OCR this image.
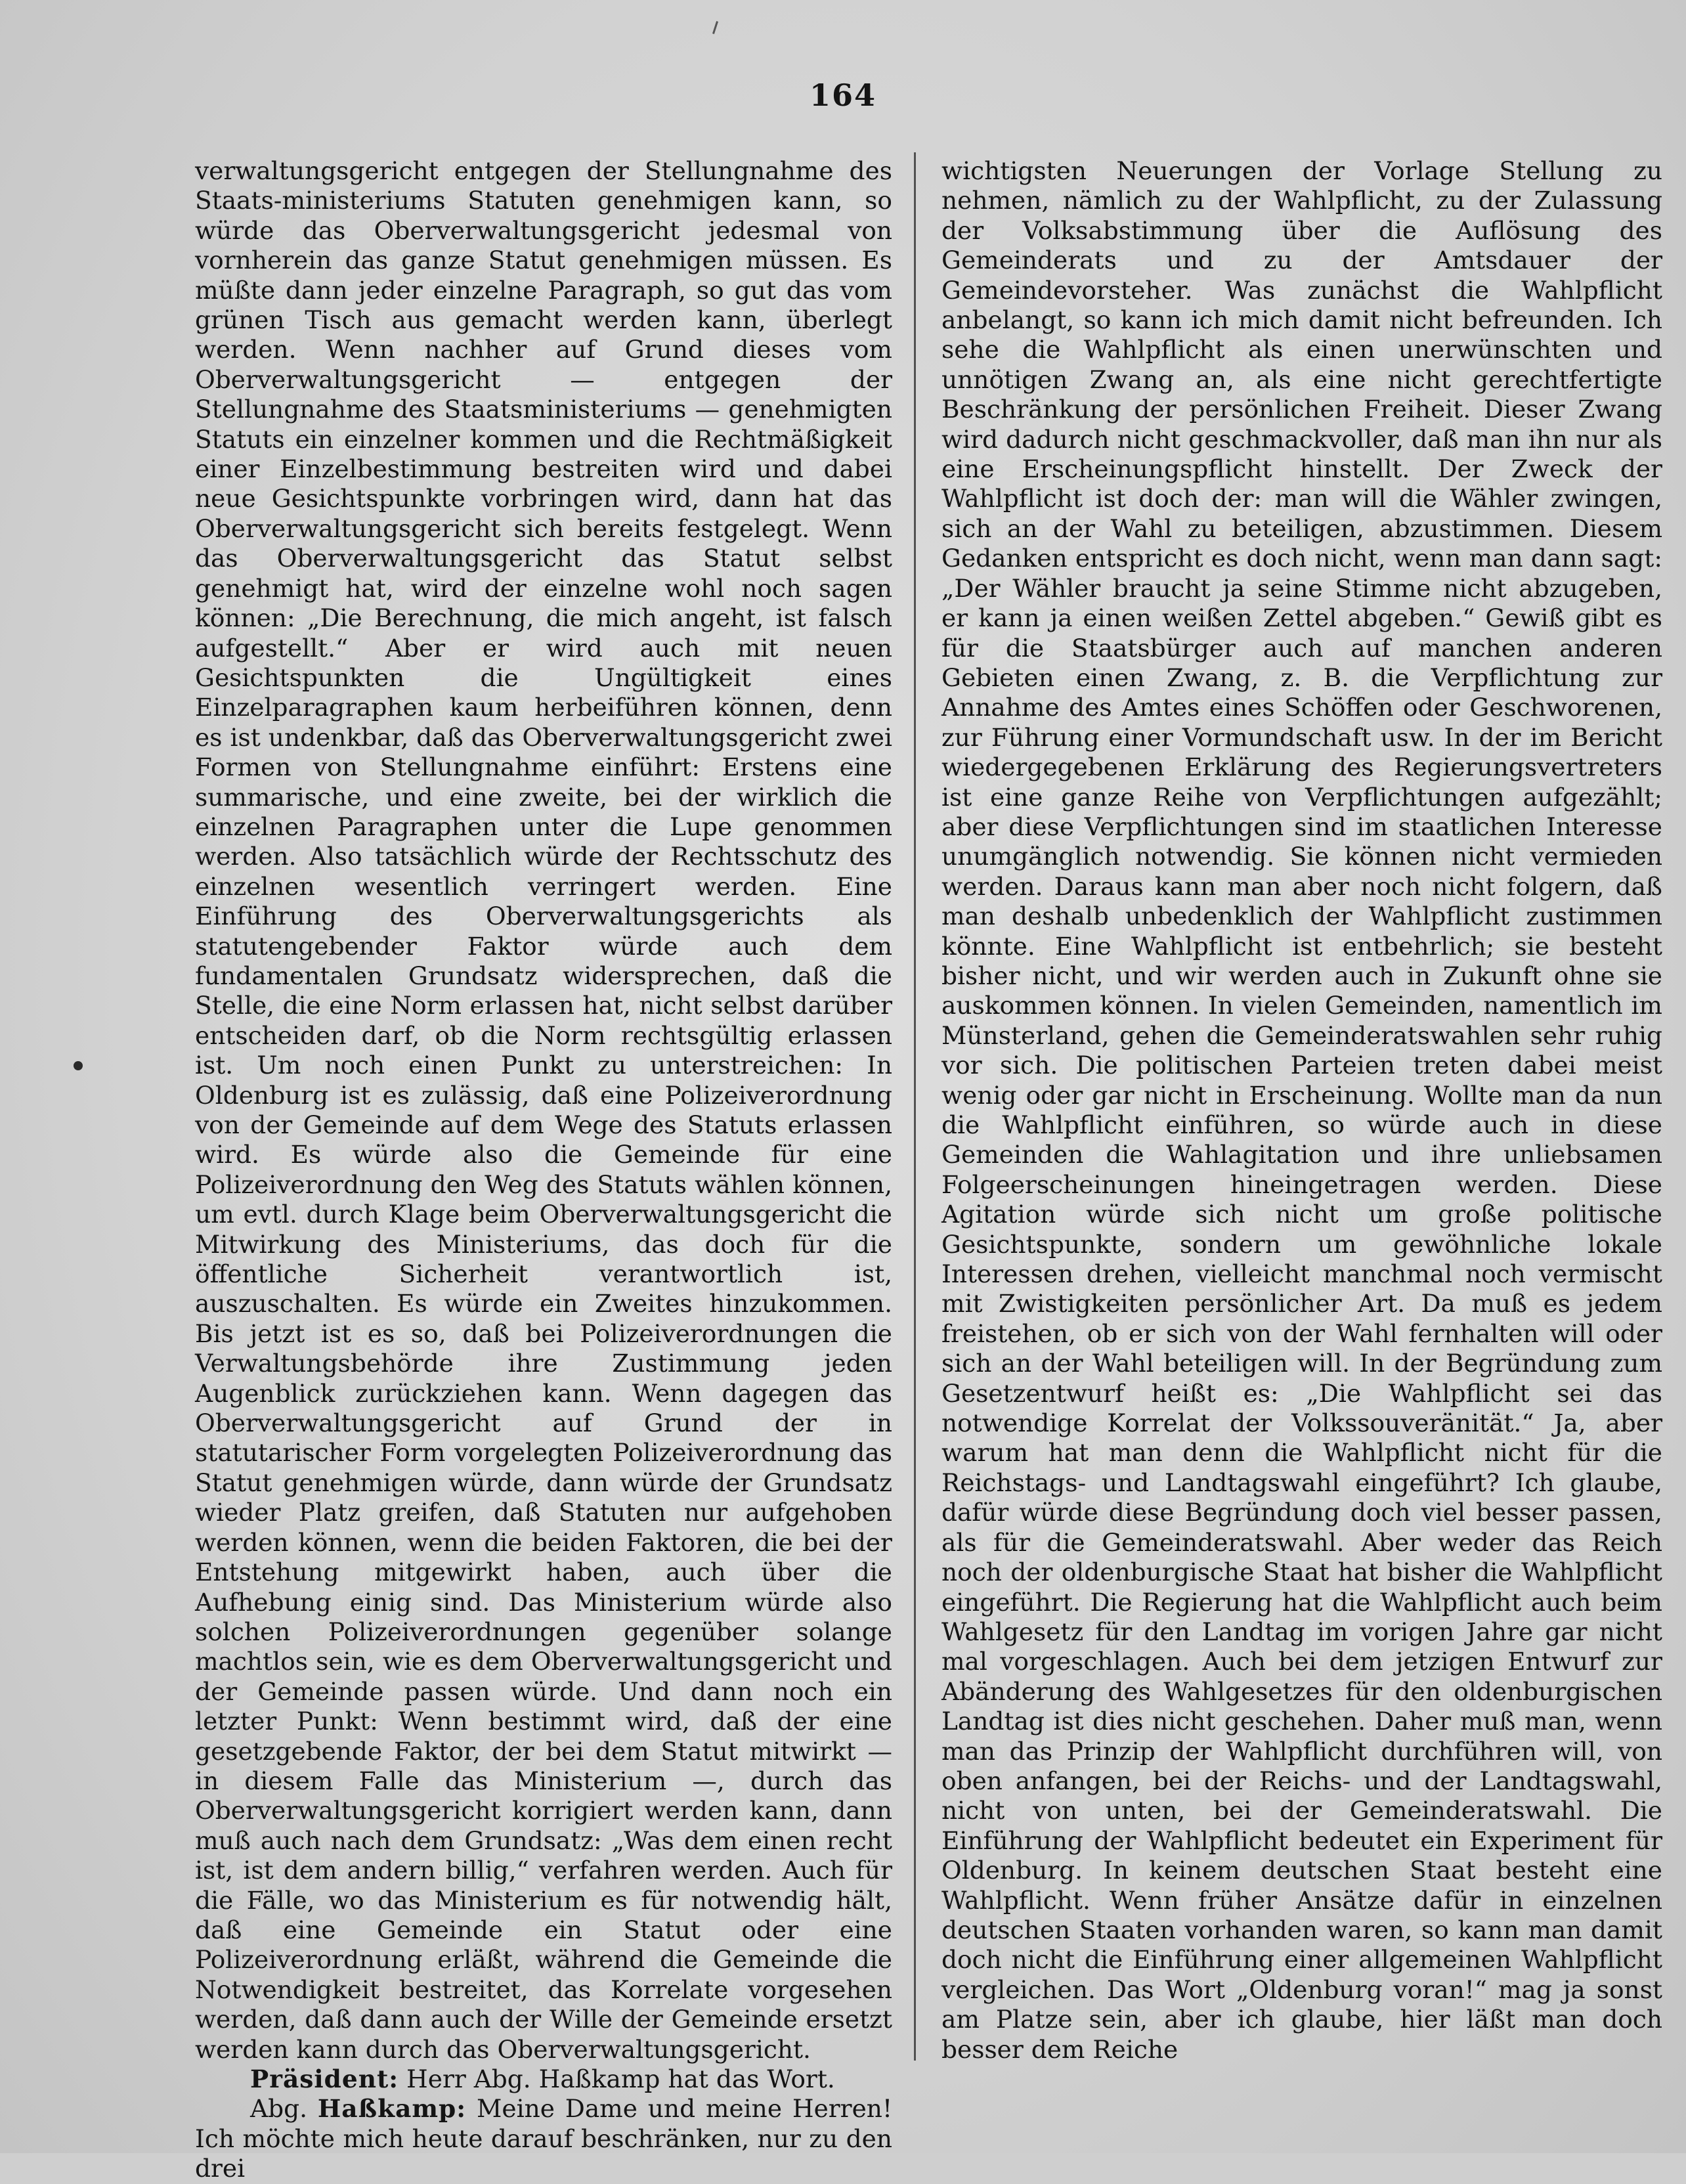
164

verwaltungsgericht entgegen der Stellungnahme des Staats-ministeriums Statuten genehmigen kann, so würde das Oberverwaltungsgericht jedesmal von vornherein das ganze Statut genehmigen müssen. Es müßte dann jeder einzelne Paragraph, so gut das vom grünen Tisch aus gemacht werden kann, überlegt werden. Wenn nachher auf Grund dieses vom Oberverwaltungsgericht — entgegen der Stellungnahme des Staatsministeriums — genehmigten Statuts ein einzelner kommen und die Rechtmäßigkeit einer Einzelbestimmung bestreiten wird und dabei neue Gesichtspunkte vorbringen wird, dann hat das Oberverwaltungsgericht sich bereits festgelegt. Wenn das Oberverwaltungsgericht das Statut selbst genehmigt hat, wird der einzelne wohl noch sagen können: „Die Berechnung, die mich angeht, ist falsch aufgestellt.“ Aber er wird auch mit neuen Gesichtspunkten die Ungültigkeit eines Einzelparagraphen kaum herbeiführen können, denn es ist undenkbar, daß das Oberverwaltungsgericht zwei Formen von Stellungnahme einführt: Erstens eine summarische, und eine zweite, bei der wirklich die einzelnen Paragraphen unter die Lupe genommen werden. Also tatsächlich würde der Rechtsschutz des einzelnen wesentlich verringert werden. Eine Einführung des Oberverwaltungsgerichts als statutengebender Faktor würde auch dem fundamentalen Grundsatz widersprechen, daß die Stelle, die eine Norm erlassen hat, nicht selbst darüber entscheiden darf, ob die Norm rechtsgültig erlassen ist. Um noch einen Punkt zu unterstreichen: In Oldenburg ist es zulässig, daß eine Polizeiverordnung von der Gemeinde auf dem Wege des Statuts erlassen wird. Es würde also die Gemeinde für eine Polizeiverordnung den Weg des Statuts wählen können, um evtl. durch Klage beim Oberverwaltungsgericht die Mitwirkung des Ministeriums, das doch für die öffentliche Sicherheit verantwortlich ist, auszuschalten. Es würde ein Zweites hinzukommen. Bis jetzt ist es so, daß bei Polizeiverordnungen die Verwaltungsbehörde ihre Zustimmung jeden Augenblick zurückziehen kann. Wenn dagegen das Oberverwaltungsgericht auf Grund der in statutarischer Form vorgelegten Polizeiverordnung das Statut genehmigen würde, dann würde der Grundsatz wieder Platz greifen, daß Statuten nur aufgehoben werden können, wenn die beiden Faktoren, die bei der Entstehung mitgewirkt haben, auch über die Aufhebung einig sind. Das Ministerium würde also solchen Polizeiverordnungen gegenüber solange machtlos sein, wie es dem Oberverwaltungsgericht und der Gemeinde passen würde. Und dann noch ein letzter Punkt: Wenn bestimmt wird, daß der eine gesetzgebende Faktor, der bei dem Statut mitwirkt — in diesem Falle das Ministerium —, durch das Oberverwaltungsgericht korrigiert werden kann, dann muß auch nach dem Grundsatz: „Was dem einen recht ist, ist dem andern billig,“ verfahren werden. Auch für die Fälle, wo das Ministerium es für notwendig hält, daß eine Gemeinde ein Statut oder eine Polizeiverordnung erläßt, während die Gemeinde die Notwendigkeit bestreitet, das Korrelate vorgesehen werden, daß dann auch der Wille der Gemeinde ersetzt werden kann durch das Oberverwaltungsgericht.

Präsident: Herr Abg. Haßkamp hat das Wort.

Abg. Haßkamp: Meine Dame und meine Herren! Ich möchte mich heute darauf beschränken, nur zu den drei

wichtigsten Neuerungen der Vorlage Stellung zu nehmen, nämlich zu der Wahlpflicht, zu der Zulassung der Volksabstimmung über die Auflösung des Gemeinderats und zu der Amtsdauer der Gemeindevorsteher. Was zunächst die Wahlpflicht anbelangt, so kann ich mich damit nicht befreunden. Ich sehe die Wahlpflicht als einen unerwünschten und unnötigen Zwang an, als eine nicht gerechtfertigte Beschränkung der persönlichen Freiheit. Dieser Zwang wird dadurch nicht geschmackvoller, daß man ihn nur als eine Erscheinungspflicht hinstellt. Der Zweck der Wahlpflicht ist doch der: man will die Wähler zwingen, sich an der Wahl zu beteiligen, abzustimmen. Diesem Gedanken entspricht es doch nicht, wenn man dann sagt: „Der Wähler braucht ja seine Stimme nicht abzugeben, er kann ja einen weißen Zettel abgeben.“ Gewiß gibt es für die Staatsbürger auch auf manchen anderen Gebieten einen Zwang, z. B. die Verpflichtung zur Annahme des Amtes eines Schöffen oder Geschworenen, zur Führung einer Vormundschaft usw. In der im Bericht wiedergegebenen Erklärung des Regierungsvertreters ist eine ganze Reihe von Verpflichtungen aufgezählt; aber diese Verpflichtungen sind im staatlichen Interesse unumgänglich notwendig. Sie können nicht vermieden werden. Daraus kann man aber noch nicht folgern, daß man deshalb unbedenklich der Wahlpflicht zustimmen könnte. Eine Wahlpflicht ist entbehrlich; sie besteht bisher nicht, und wir werden auch in Zukunft ohne sie auskommen können. In vielen Gemeinden, namentlich im Münsterland, gehen die Gemeinderatswahlen sehr ruhig vor sich. Die politischen Parteien treten dabei meist wenig oder gar nicht in Erscheinung. Wollte man da nun die Wahlpflicht einführen, so würde auch in diese Gemeinden die Wahlagitation und ihre unliebsamen Folgeerscheinungen hineingetragen werden. Diese Agitation würde sich nicht um große politische Gesichtspunkte, sondern um gewöhnliche lokale Interessen drehen, vielleicht manchmal noch vermischt mit Zwistigkeiten persönlicher Art. Da muß es jedem freistehen, ob er sich von der Wahl fernhalten will oder sich an der Wahl beteiligen will. In der Begründung zum Gesetzentwurf heißt es: „Die Wahlpflicht sei das notwendige Korrelat der Volkssouveränität.“ Ja, aber warum hat man denn die Wahlpflicht nicht für die Reichstags- und Landtagswahl eingeführt? Ich glaube, dafür würde diese Begründung doch viel besser passen, als für die Gemeinderatswahl. Aber weder das Reich noch der oldenburgische Staat hat bisher die Wahlpflicht eingeführt. Die Regierung hat die Wahlpflicht auch beim Wahlgesetz für den Landtag im vorigen Jahre gar nicht mal vorgeschlagen. Auch bei dem jetzigen Entwurf zur Abänderung des Wahlgesetzes für den oldenburgischen Landtag ist dies nicht geschehen. Daher muß man, wenn man das Prinzip der Wahlpflicht durchführen will, von oben anfangen, bei der Reichs- und der Landtagswahl, nicht von unten, bei der Gemeinderatswahl. Die Einführung der Wahlpflicht bedeutet ein Experiment für Oldenburg. In keinem deutschen Staat besteht eine Wahlpflicht. Wenn früher Ansätze dafür in einzelnen deutschen Staaten vorhanden waren, so kann man damit doch nicht die Einführung einer allgemeinen Wahlpflicht vergleichen. Das Wort „Oldenburg voran!“ mag ja sonst am Platze sein, aber ich glaube, hier läßt man doch besser dem Reiche
